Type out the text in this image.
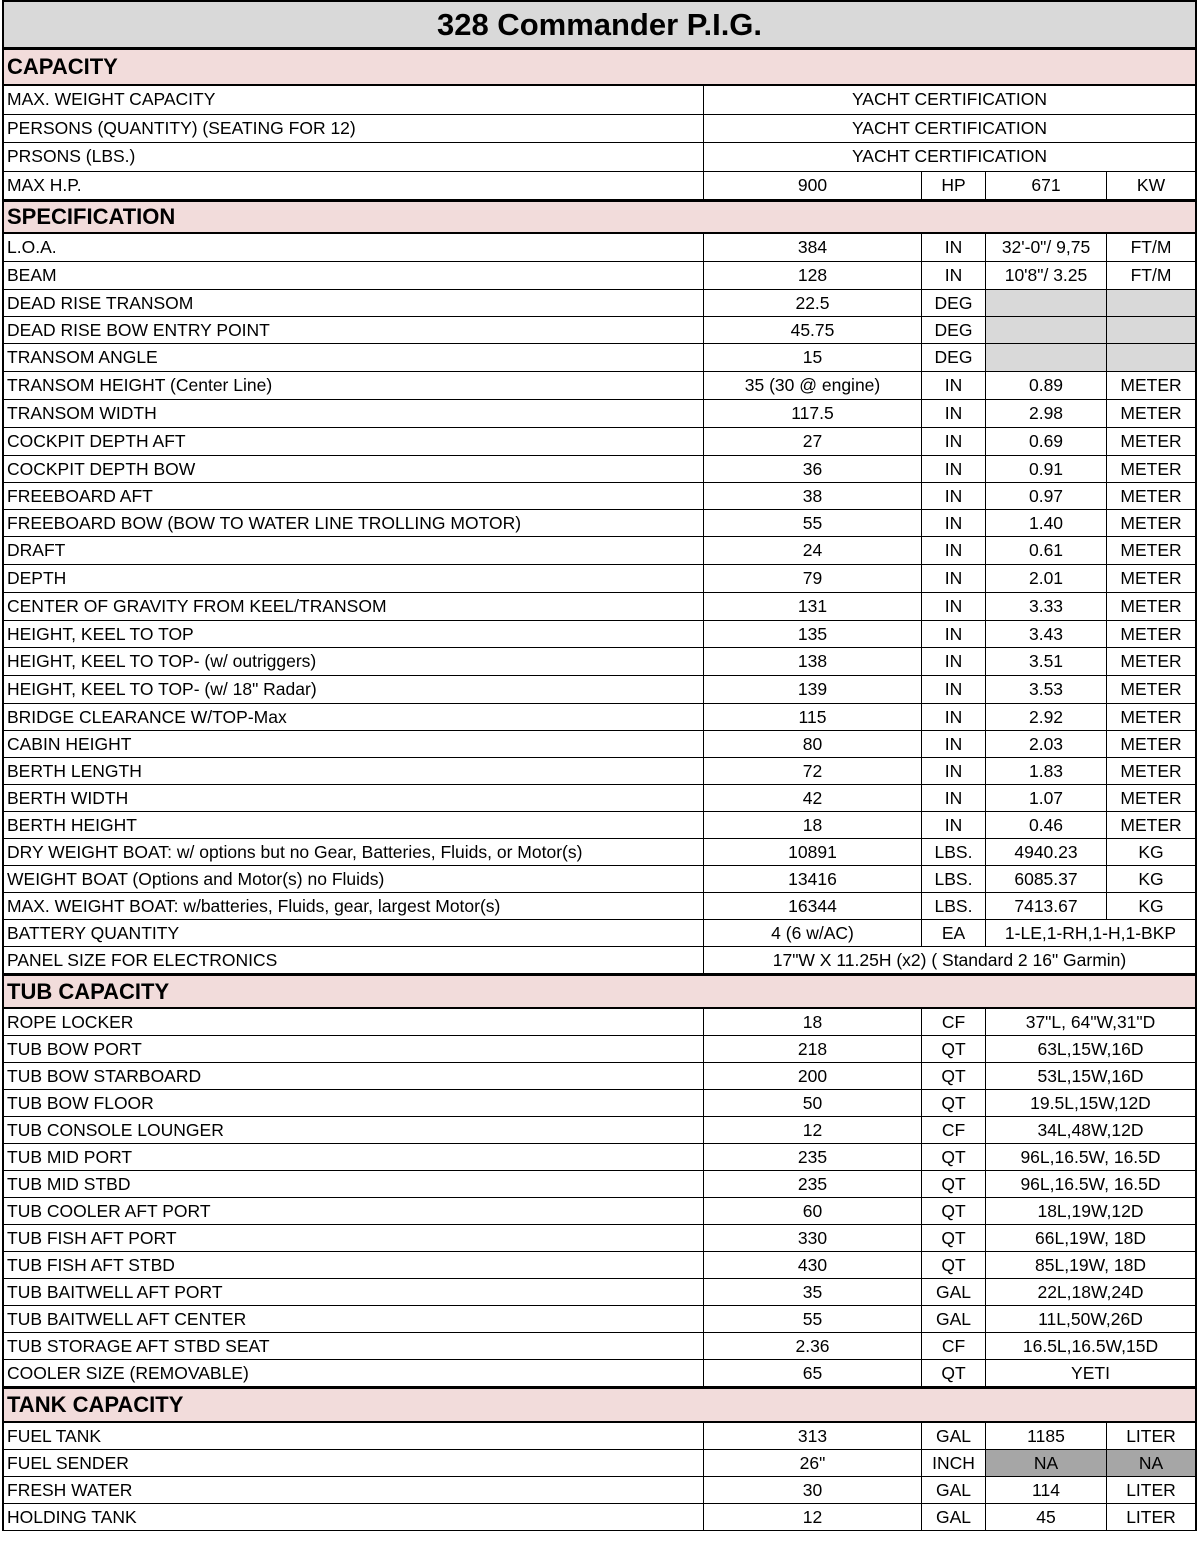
328 Commander P.I.G.
CAPACITY
MAX. WEIGHT CAPACITY	YACHT CERTIFICATION
PERSONS (QUANTITY) (SEATING FOR 12)	YACHT CERTIFICATION
PRSONS (LBS.)	YACHT CERTIFICATION
MAX H.P.	900	HP	671	KW
SPECIFICATION
L.O.A.	384	IN	32'-0"/ 9,75	FT/M
BEAM	128	IN	10'8"/ 3.25	FT/M
DEAD RISE TRANSOM	22.5	DEG
DEAD RISE BOW ENTRY POINT	45.75	DEG
TRANSOM ANGLE	15	DEG
TRANSOM HEIGHT (Center Line)	35 (30 @ engine)	IN	0.89	METER
TRANSOM WIDTH	117.5	IN	2.98	METER
COCKPIT DEPTH AFT	27	IN	0.69	METER
COCKPIT DEPTH BOW	36	IN	0.91	METER
FREEBOARD AFT	38	IN	0.97	METER
FREEBOARD BOW (BOW TO WATER LINE TROLLING MOTOR)	55	IN	1.40	METER
DRAFT	24	IN	0.61	METER
DEPTH	79	IN	2.01	METER
CENTER OF GRAVITY FROM KEEL/TRANSOM	131	IN	3.33	METER
HEIGHT, KEEL TO TOP	135	IN	3.43	METER
HEIGHT, KEEL TO TOP- (w/ outriggers)	138	IN	3.51	METER
HEIGHT, KEEL TO TOP- (w/ 18" Radar)	139	IN	3.53	METER
BRIDGE CLEARANCE W/TOP-Max	115	IN	2.92	METER
CABIN HEIGHT	80	IN	2.03	METER
BERTH LENGTH	72	IN	1.83	METER
BERTH WIDTH	42	IN	1.07	METER
BERTH HEIGHT	18	IN	0.46	METER
DRY WEIGHT BOAT: w/ options but no Gear, Batteries, Fluids, or Motor(s)	10891	LBS.	4940.23	KG
WEIGHT BOAT (Options and Motor(s) no Fluids)	13416	LBS.	6085.37	KG
MAX. WEIGHT BOAT: w/batteries, Fluids, gear, largest Motor(s)	16344	LBS.	7413.67	KG
BATTERY QUANTITY	4 (6 w/AC)	EA	1-LE,1-RH,1-H,1-BKP
PANEL SIZE FOR ELECTRONICS	17"W X 11.25H (x2) ( Standard 2 16" Garmin)
TUB CAPACITY
ROPE LOCKER	18	CF	37"L, 64"W,31"D
TUB BOW PORT	218	QT	63L,15W,16D
TUB BOW STARBOARD	200	QT	53L,15W,16D
TUB BOW FLOOR	50	QT	19.5L,15W,12D
TUB CONSOLE LOUNGER	12	CF	34L,48W,12D
TUB MID PORT	235	QT	96L,16.5W, 16.5D
TUB MID STBD	235	QT	96L,16.5W, 16.5D
TUB COOLER AFT PORT	60	QT	18L,19W,12D
TUB FISH AFT PORT	330	QT	66L,19W, 18D
TUB FISH AFT STBD	430	QT	85L,19W, 18D
TUB BAITWELL AFT PORT	35	GAL	22L,18W,24D
TUB BAITWELL AFT CENTER	55	GAL	11L,50W,26D
TUB STORAGE AFT STBD SEAT	2.36	CF	16.5L,16.5W,15D
COOLER SIZE (REMOVABLE)	65	QT	YETI
TANK CAPACITY
FUEL TANK	313	GAL	1185	LITER
FUEL SENDER	26"	INCH	NA	NA
FRESH WATER	30	GAL	114	LITER
HOLDING TANK	12	GAL	45	LITER
